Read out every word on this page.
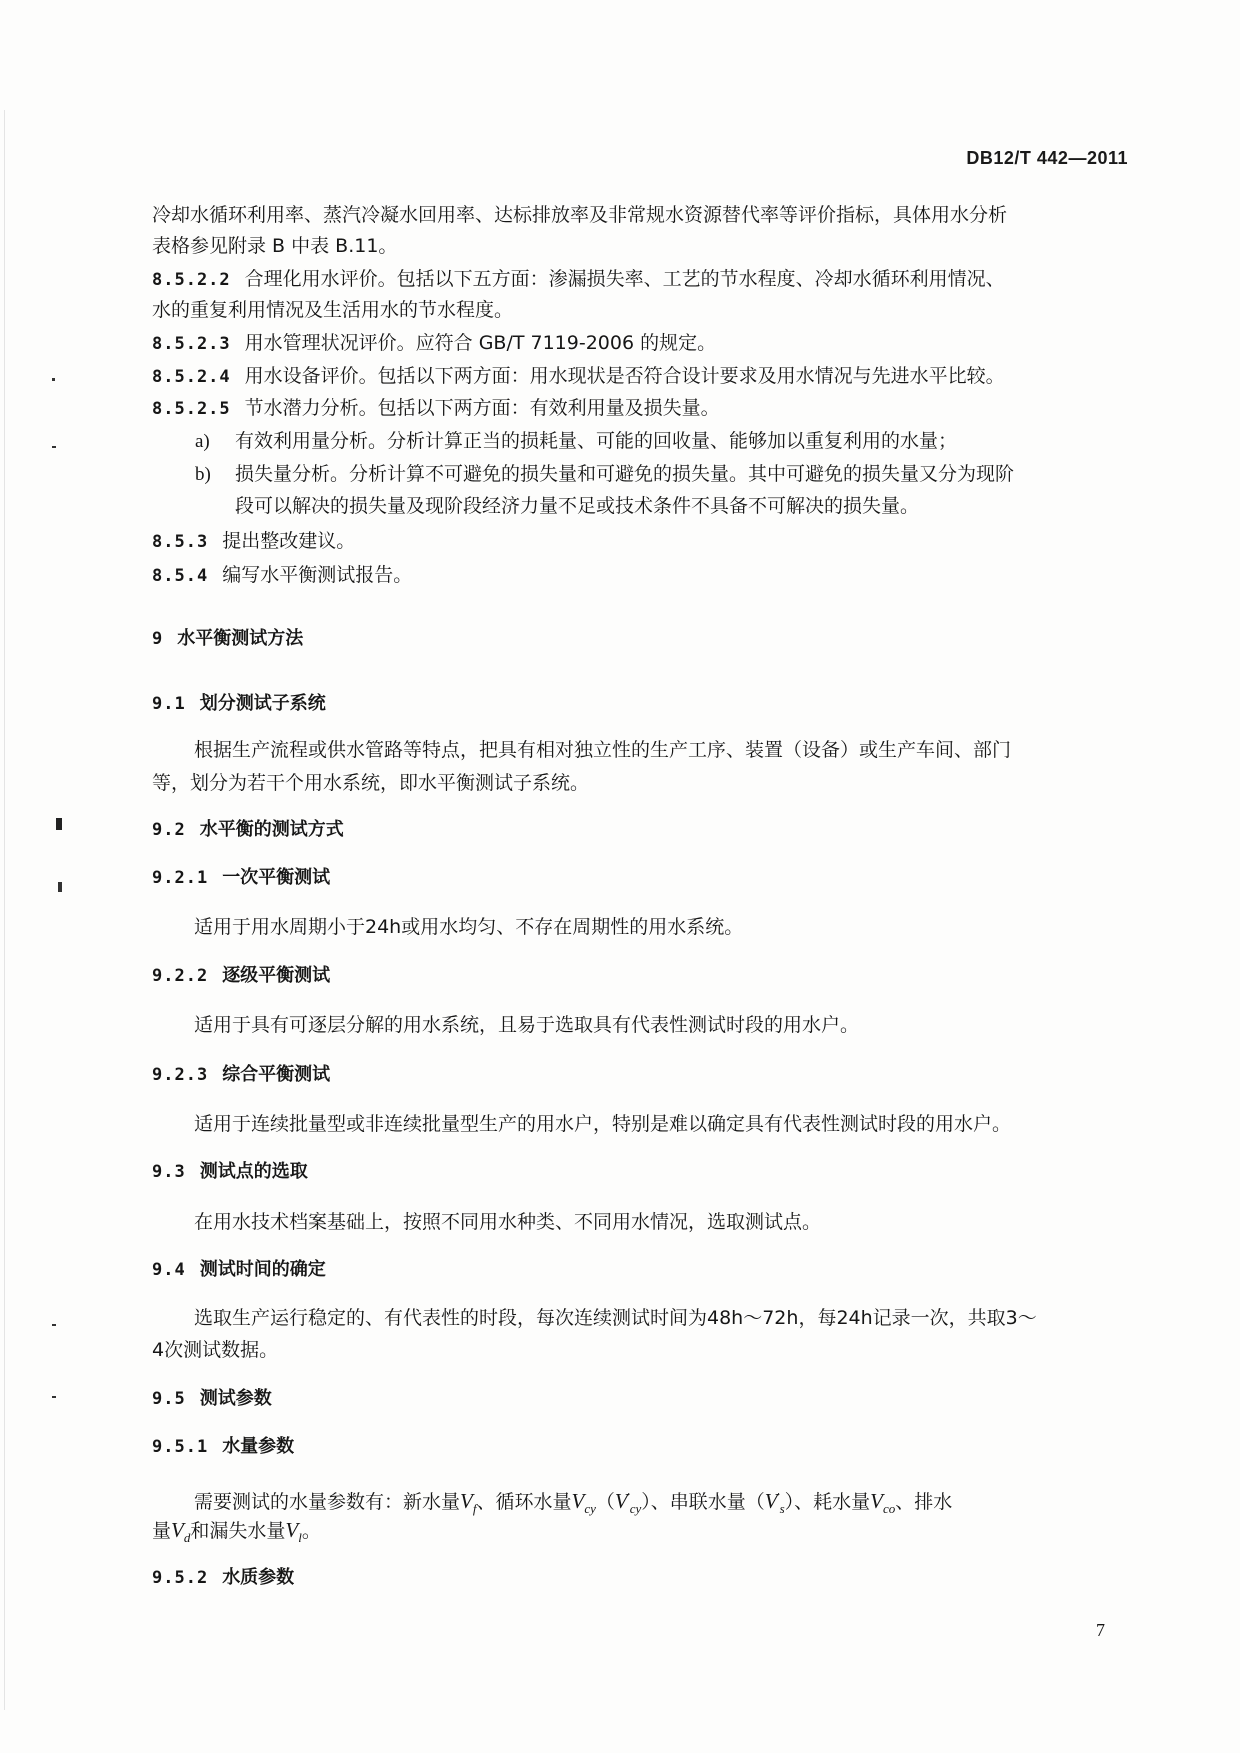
DB12/T 442—2011
冷却水循环利用率、蒸汽冷凝水回用率、达标排放率及非常规水资源替代率等评价指标，具体用水分析
表格参见附录 B 中表 B.11。
8.5.2.2 合理化用水评价。包括以下五方面：渗漏损失率、工艺的节水程度、冷却水循环利用情况、
水的重复利用情况及生活用水的节水程度。
8.5.2.3 用水管理状况评价。应符合 GB/T 7119-2006 的规定。
8.5.2.4 用水设备评价。包括以下两方面：用水现状是否符合设计要求及用水情况与先进水平比较。
8.5.2.5 节水潜力分析。包括以下两方面：有效利用量及损失量。
a) 有效利用量分析。分析计算正当的损耗量、可能的回收量、能够加以重复利用的水量；
b) 损失量分析。分析计算不可避免的损失量和可避免的损失量。其中可避免的损失量又分为现阶
段可以解决的损失量及现阶段经济力量不足或技术条件不具备不可解决的损失量。
8.5.3 提出整改建议。
8.5.4 编写水平衡测试报告。
9 水平衡测试方法
9.1 划分测试子系统
根据生产流程或供水管路等特点，把具有相对独立性的生产工序、装置（设备）或生产车间、部门
等，划分为若干个用水系统，即水平衡测试子系统。
9.2 水平衡的测试方式
9.2.1 一次平衡测试
适用于用水周期小于24h或用水均匀、不存在周期性的用水系统。
9.2.2 逐级平衡测试
适用于具有可逐层分解的用水系统，且易于选取具有代表性测试时段的用水户。
9.2.3 综合平衡测试
适用于连续批量型或非连续批量型生产的用水户，特别是难以确定具有代表性测试时段的用水户。
9.3 测试点的选取
在用水技术档案基础上，按照不同用水种类、不同用水情况，选取测试点。
9.4 测试时间的确定
选取生产运行稳定的、有代表性的时段，每次连续测试时间为48h～72h，每24h记录一次，共取3～
4次测试数据。
9.5 测试参数
9.5.1 水量参数
需要测试的水量参数有：新水量$V_f$、循环水量$V_{cy}(V'_{cy})$、串联水量$(V'_s)$、耗水量$V_{co}$、排水
量$V_d$和漏失水量$V_l$。
9.5.2 水质参数
7
